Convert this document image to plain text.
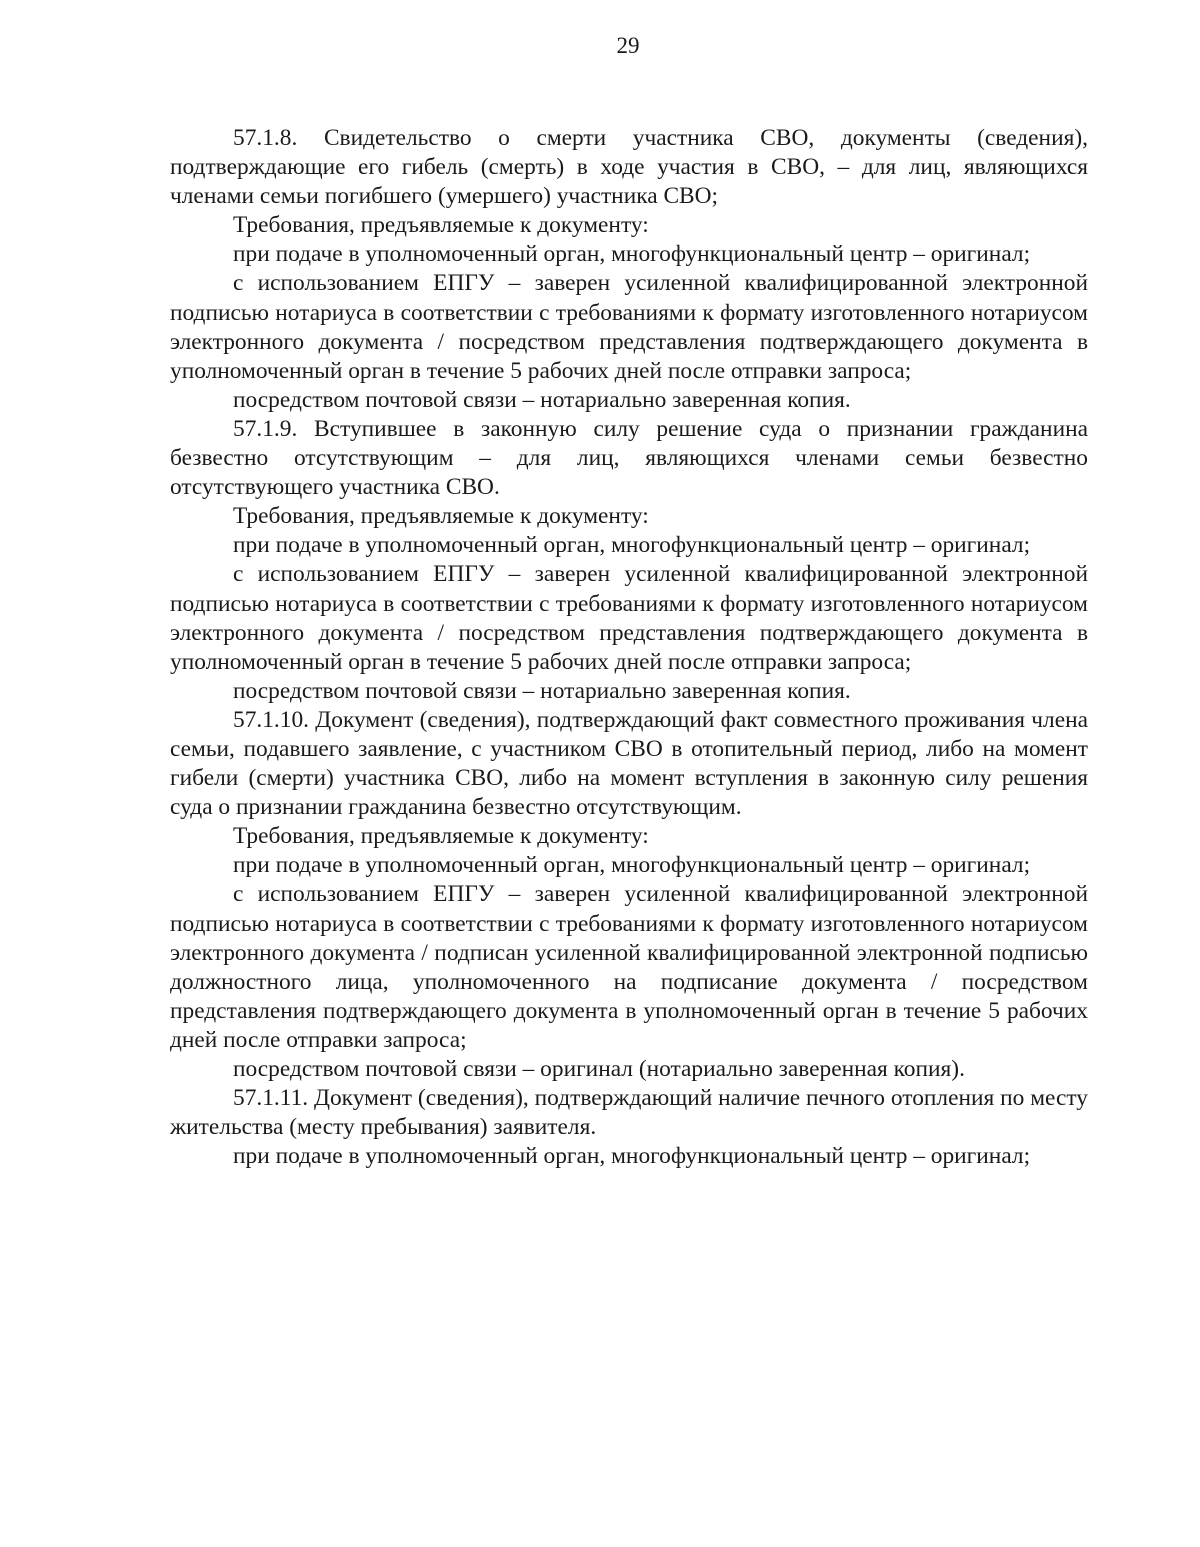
29

57.1.8. Свидетельство о смерти участника СВО, документы (сведения), подтверждающие его гибель (смерть) в ходе участия в СВО, – для лиц, являющихся членами семьи погибшего (умершего) участника СВО;

Требования, предъявляемые к документу:

при подаче в уполномоченный орган, многофункциональный центр – оригинал;

с использованием ЕПГУ – заверен усиленной квалифицированной электронной подписью нотариуса в соответствии с требованиями к формату изготовленного нотариусом электронного документа / посредством представления подтверждающего документа в уполномоченный орган в течение 5 рабочих дней после отправки запроса;

посредством почтовой связи – нотариально заверенная копия.

57.1.9. Вступившее в законную силу решение суда о признании гражданина безвестно отсутствующим – для лиц, являющихся членами семьи безвестно отсутствующего участника СВО.

Требования, предъявляемые к документу:

при подаче в уполномоченный орган, многофункциональный центр – оригинал;

с использованием ЕПГУ – заверен усиленной квалифицированной электронной подписью нотариуса в соответствии с требованиями к формату изготовленного нотариусом электронного документа / посредством представления подтверждающего документа в уполномоченный орган в течение 5 рабочих дней после отправки запроса;

посредством почтовой связи – нотариально заверенная копия.

57.1.10. Документ (сведения), подтверждающий факт совместного проживания члена семьи, подавшего заявление, с участником СВО в отопительный период, либо на момент гибели (смерти) участника СВО, либо на момент вступления в законную силу решения суда о признании гражданина безвестно отсутствующим.

Требования, предъявляемые к документу:

при подаче в уполномоченный орган, многофункциональный центр – оригинал;

с использованием ЕПГУ – заверен усиленной квалифицированной электронной подписью нотариуса в соответствии с требованиями к формату изготовленного нотариусом электронного документа / подписан усиленной квалифицированной электронной подписью должностного лица, уполномоченного на подписание документа / посредством представления подтверждающего документа в уполномоченный орган в течение 5 рабочих дней после отправки запроса;

посредством почтовой связи – оригинал (нотариально заверенная копия).

57.1.11. Документ (сведения), подтверждающий наличие печного отопления по месту жительства (месту пребывания) заявителя.

при подаче в уполномоченный орган, многофункциональный центр – оригинал;
